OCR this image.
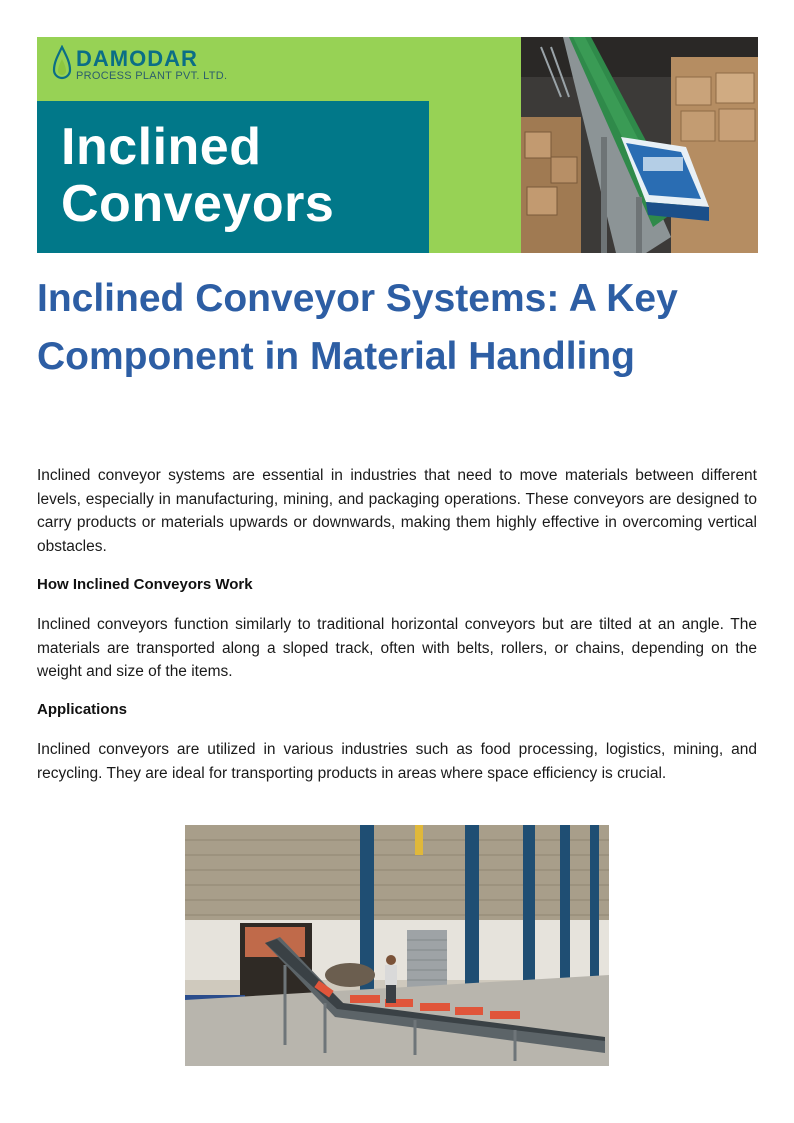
DAMODAR
PROCESS PLANT PVT. LTD.
Inclined
Conveyors
Inclined Conveyor Systems: A Key Component in Material Handling

Inclined conveyor systems are essential in industries that need to move materials between different levels, especially in manufacturing, mining, and packaging operations. These conveyors are designed to carry products or materials upwards or downwards, making them highly effective in overcoming vertical obstacles.

How Inclined Conveyors Work

Inclined conveyors function similarly to traditional horizontal conveyors but are tilted at an angle. The materials are transported along a sloped track, often with belts, rollers, or chains, depending on the weight and size of the items.

Applications

Inclined conveyors are utilized in various industries such as food processing, logistics, mining, and recycling. They are ideal for transporting products in areas where space efficiency is crucial.
